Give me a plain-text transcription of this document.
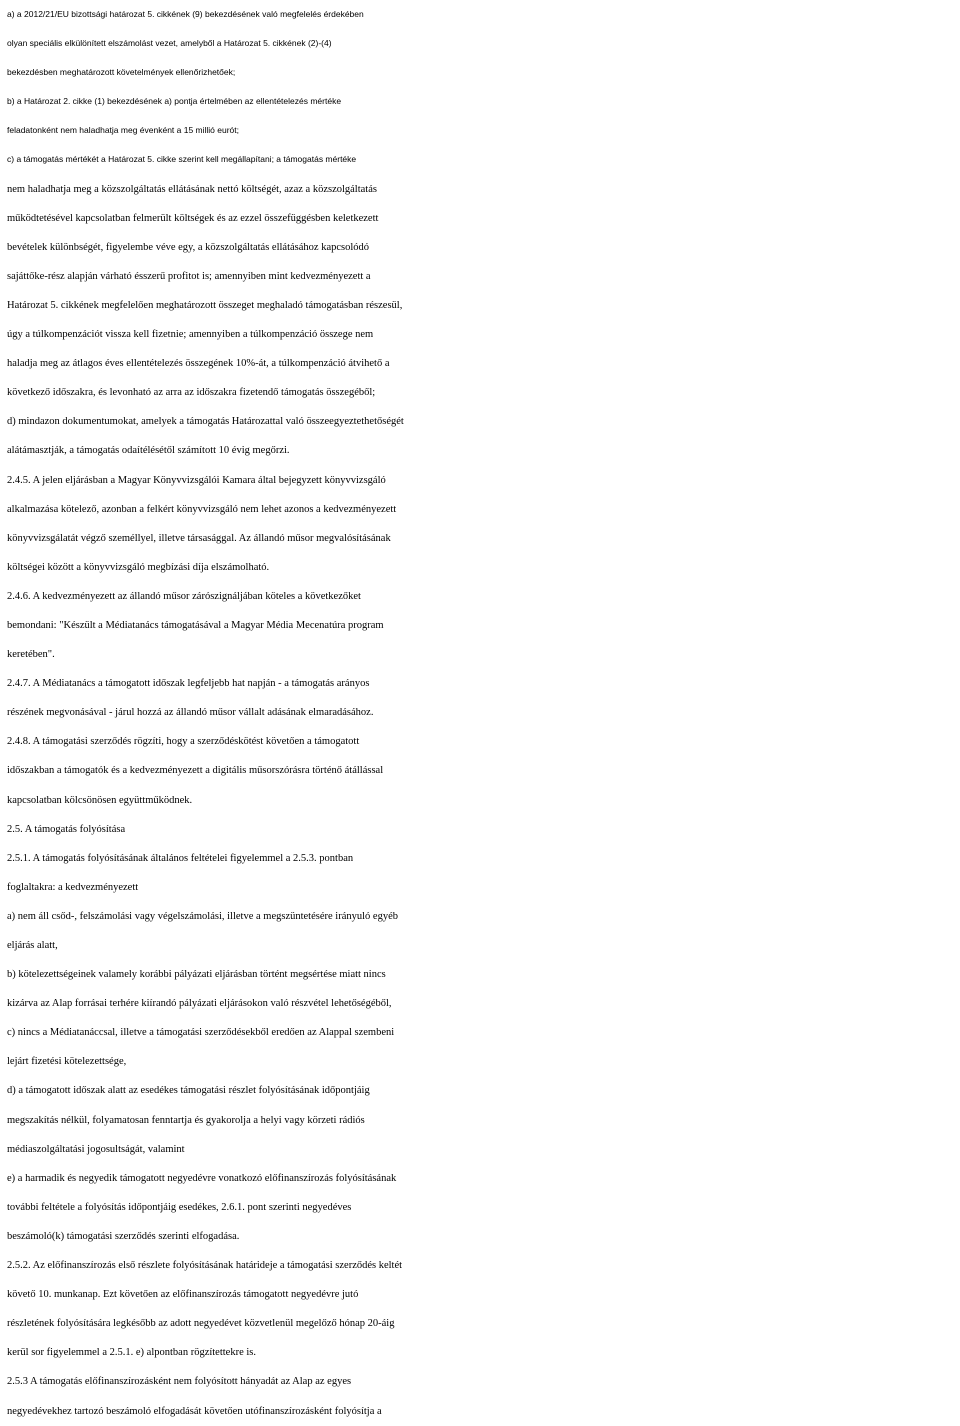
a) a 2012/21/EU bizottsági határozat 5. cikkének (9) bekezdésének való megfelelés érdekében
olyan speciális elkülönített elszámolást vezet, amelyből a Határozat 5. cikkének (2)-(4)
bekezdésben meghatározott követelmények ellenőrizhetőek;
b) a Határozat 2. cikke (1) bekezdésének a) pontja értelmében az ellentételezés mértéke
feladatonként nem haladhatja meg évenként a 15 millió eurót;
c) a támogatás mértékét a Határozat 5. cikke szerint kell megállapítani; a támogatás mértéke
nem haladhatja meg a közszolgáltatás ellátásának nettó költségét, azaz a közszolgáltatás
működtetésével kapcsolatban felmerült költségek és az ezzel összefüggésben keletkezett
bevételek különbségét, figyelembe véve egy, a közszolgáltatás ellátásához kapcsolódó
sajáttőke-rész alapján várható ésszerű profitot is; amennyiben mint kedvezményezett a
Határozat 5. cikkének megfelelően meghatározott összeget meghaladó támogatásban részesül,
úgy a túlkompenzációt vissza kell fizetnie; amennyiben a túlkompenzáció összege nem
haladja meg az átlagos éves ellentételezés összegének 10%-át, a túlkompenzáció átvihető a
következő időszakra, és levonható az arra az időszakra fizetendő támogatás összegéből;
d) mindazon dokumentumokat, amelyek a támogatás Határozattal való összeegyeztethetőségét
alátámasztják, a támogatás odaítélésétől számított 10 évig megőrzi.
2.4.5. A jelen eljárásban a Magyar Könyvvizsgálói Kamara által bejegyzett könyvvizsgáló
alkalmazása kötelező, azonban a felkért könyvvizsgáló nem lehet azonos a kedvezményezett
könyvvizsgálatát végző személlyel, illetve társasággal. Az állandó műsor megvalósításának
költségei között a könyvvizsgáló megbízási díja elszámolható.
2.4.6. A kedvezményezett az állandó műsor zárószignáljában köteles a következőket
bemondani: "Készült a Médiatanács támogatásával a Magyar Média Mecenatúra program
keretében".
2.4.7. A Médiatanács a támogatott időszak legfeljebb hat napján - a támogatás arányos
részének megvonásával - járul hozzá az állandó műsor vállalt adásának elmaradásához.
2.4.8. A támogatási szerződés rögzíti, hogy a szerződéskötést követően a támogatott
időszakban a támogatók és a kedvezményezett a digitális műsorszórásra történő átállással
kapcsolatban kölcsönösen együttműködnek.
2.5. A támogatás folyósítása
2.5.1. A támogatás folyósításának általános feltételei figyelemmel a 2.5.3. pontban
foglaltakra: a kedvezményezett
a) nem áll csőd-, felszámolási vagy végelszámolási, illetve a megszüntetésére irányuló egyéb
eljárás alatt,
b) kötelezettségeinek valamely korábbi pályázati eljárásban történt megsértése miatt nincs
kizárva az Alap forrásai terhére kiírandó pályázati eljárásokon való részvétel lehetőségéből,
c) nincs a Médiatanáccsal, illetve a támogatási szerződésekből eredően az Alappal szembeni
lejárt fizetési kötelezettsége,
d) a támogatott időszak alatt az esedékes támogatási részlet folyósításának időpontjáig
megszakítás nélkül, folyamatosan fenntartja és gyakorolja a helyi vagy körzeti rádiós
médiaszolgáltatási jogosultságát, valamint
e) a harmadik és negyedik támogatott negyedévre vonatkozó előfinanszírozás folyósításának
további feltétele a folyósítás időpontjáig esedékes, 2.6.1. pont szerinti negyedéves
beszámoló(k) támogatási szerződés szerinti elfogadása.
2.5.2. Az előfinanszírozás első részlete folyósításának határideje a támogatási szerződés keltét
követő 10. munkanap. Ezt követően az előfinanszírozás támogatott negyedévre jutó
részletének folyósítására legkésőbb az adott negyedévet közvetlenül megelőző hónap 20-áig
kerül sor figyelemmel a 2.5.1. e) alpontban rögzítettekre is.
2.5.3 A támogatás előfinanszírozásként nem folyósított hányadát az Alap az egyes
negyedévekhez tartozó beszámoló elfogadását követően utófinanszírozásként folyósítja a
